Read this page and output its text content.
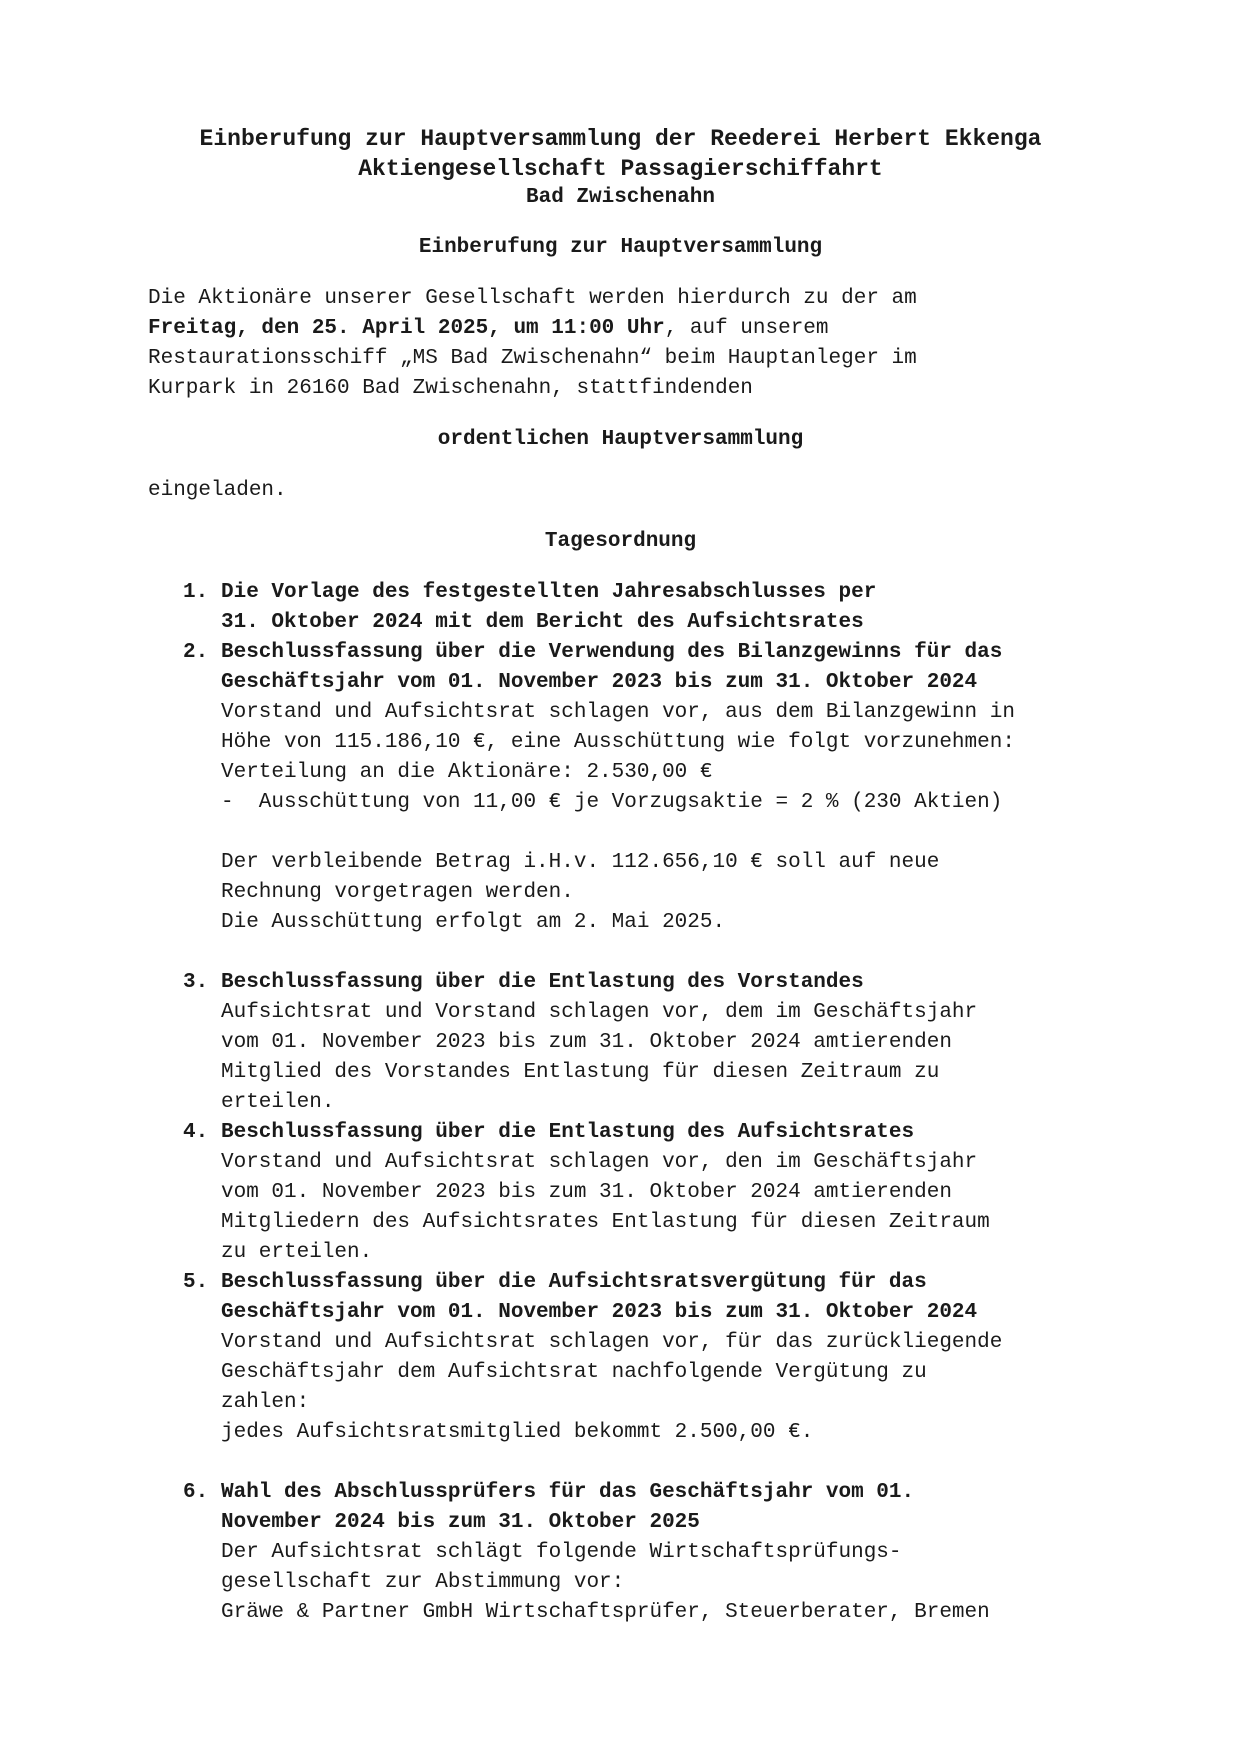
Einberufung zur Hauptversammlung der Reederei Herbert Ekkenga
Aktiengesellschaft Passagierschiffahrt
Bad Zwischenahn
Einberufung zur Hauptversammlung
Die Aktionäre unserer Gesellschaft werden hierdurch zu der am
Freitag, den 25. April 2025, um 11:00 Uhr, auf unserem
Restaurationsschiff „MS Bad Zwischenahn“ beim Hauptanleger im
Kurpark in 26160 Bad Zwischenahn, stattfindenden
ordentlichen Hauptversammlung
eingeladen.
Tagesordnung
1. Die Vorlage des festgestellten Jahresabschlusses per
31. Oktober 2024 mit dem Bericht des Aufsichtsrates
2. Beschlussfassung über die Verwendung des Bilanzgewinns für das
Geschäftsjahr vom 01. November 2023 bis zum 31. Oktober 2024
Vorstand und Aufsichtsrat schlagen vor, aus dem Bilanzgewinn in
Höhe von 115.186,10 €, eine Ausschüttung wie folgt vorzunehmen:
Verteilung an die Aktionäre: 2.530,00 €
-  Ausschüttung von 11,00 € je Vorzugsaktie = 2 % (230 Aktien)
Der verbleibende Betrag i.H.v. 112.656,10 € soll auf neue
Rechnung vorgetragen werden.
Die Ausschüttung erfolgt am 2. Mai 2025.
3. Beschlussfassung über die Entlastung des Vorstandes
Aufsichtsrat und Vorstand schlagen vor, dem im Geschäftsjahr
vom 01. November 2023 bis zum 31. Oktober 2024 amtierenden
Mitglied des Vorstandes Entlastung für diesen Zeitraum zu
erteilen.
4. Beschlussfassung über die Entlastung des Aufsichtsrates
Vorstand und Aufsichtsrat schlagen vor, den im Geschäftsjahr
vom 01. November 2023 bis zum 31. Oktober 2024 amtierenden
Mitgliedern des Aufsichtsrates Entlastung für diesen Zeitraum
zu erteilen.
5. Beschlussfassung über die Aufsichtsratsvergütung für das
Geschäftsjahr vom 01. November 2023 bis zum 31. Oktober 2024
Vorstand und Aufsichtsrat schlagen vor, für das zurückliegende
Geschäftsjahr dem Aufsichtsrat nachfolgende Vergütung zu
zahlen:
jedes Aufsichtsratsmitglied bekommt 2.500,00 €.
6. Wahl des Abschlussprüfers für das Geschäftsjahr vom 01.
November 2024 bis zum 31. Oktober 2025
Der Aufsichtsrat schlägt folgende Wirtschaftsprüfungs-
gesellschaft zur Abstimmung vor:
Gräwe & Partner GmbH Wirtschaftsprüfer, Steuerberater, Bremen
